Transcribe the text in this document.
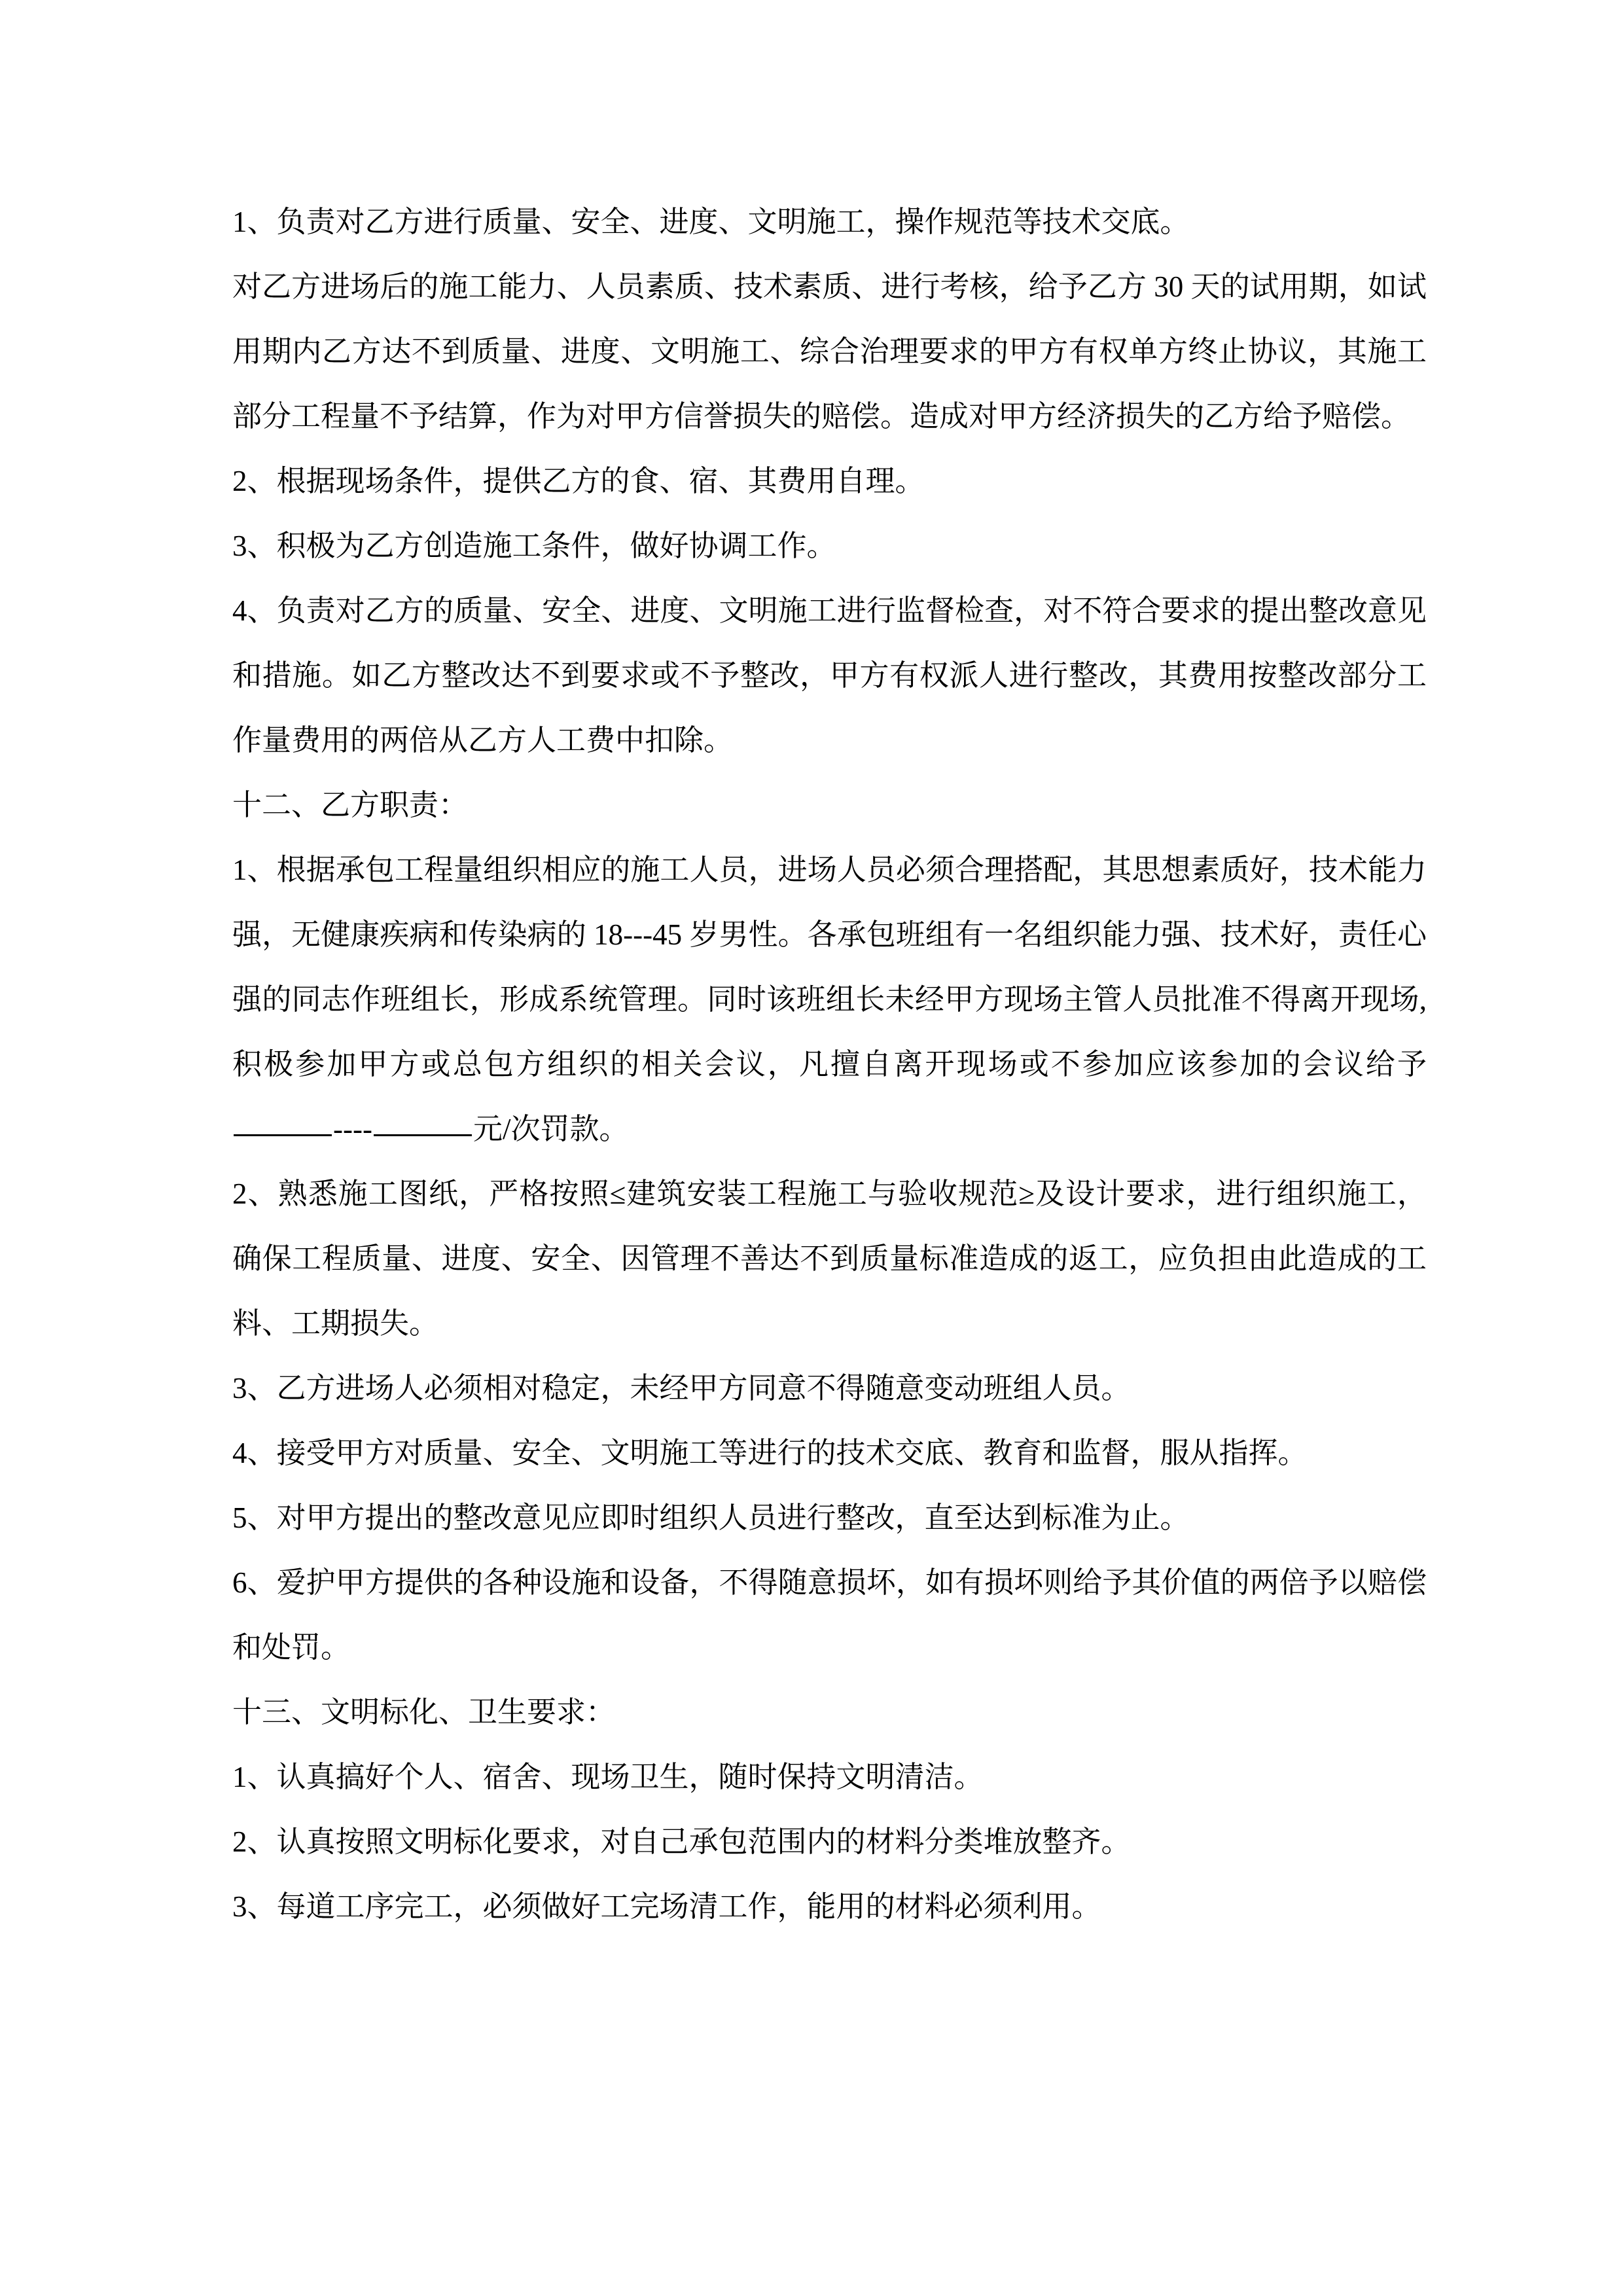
1、负责对乙方进行质量、安全、进度、文明施工，操作规范等技术交底。

对乙方进场后的施工能力、人员素质、技术素质、进行考核，给予乙方 30 天的试用期，如试用期内乙方达不到质量、进度、文明施工、综合治理要求的甲方有权单方终止协议，其施工部分工程量不予结算，作为对甲方信誉损失的赔偿。造成对甲方经济损失的乙方给予赔偿。

2、根据现场条件，提供乙方的食、宿、其费用自理。

3、积极为乙方创造施工条件，做好协调工作。

4、负责对乙方的质量、安全、进度、文明施工进行监督检查，对不符合要求的提出整改意见和措施。如乙方整改达不到要求或不予整改，甲方有权派人进行整改，其费用按整改部分工作量费用的两倍从乙方人工费中扣除。

十二、乙方职责：

1、根据承包工程量组织相应的施工人员，进场人员必须合理搭配，其思想素质好，技术能力强，无健康疾病和传染病的 18---45 岁男性。各承包班组有一名组织能力强、技术好，责任心强的同志作班组长，形成系统管理。同时该班组长未经甲方现场主管人员批准不得离开现场,积极参加甲方或总包方组织的相关会议，凡擅自离开现场或不参加应该参加的会议给予----	元/次罚款。

2、熟悉施工图纸，严格按照≤建筑安装工程施工与验收规范≥及设计要求，进行组织施工，确保工程质量、进度、安全、因管理不善达不到质量标准造成的返工，应负担由此造成的工料、工期损失。

3、乙方进场人必须相对稳定，未经甲方同意不得随意变动班组人员。

4、接受甲方对质量、安全、文明施工等进行的技术交底、教育和监督，服从指挥。

5、对甲方提出的整改意见应即时组织人员进行整改，直至达到标准为止。

6、爱护甲方提供的各种设施和设备，不得随意损坏，如有损坏则给予其价值的两倍予以赔偿和处罚。

十三、文明标化、卫生要求：

1、认真搞好个人、宿舍、现场卫生，随时保持文明清洁。

2、认真按照文明标化要求，对自己承包范围内的材料分类堆放整齐。

3、每道工序完工，必须做好工完场清工作，能用的材料必须利用。
